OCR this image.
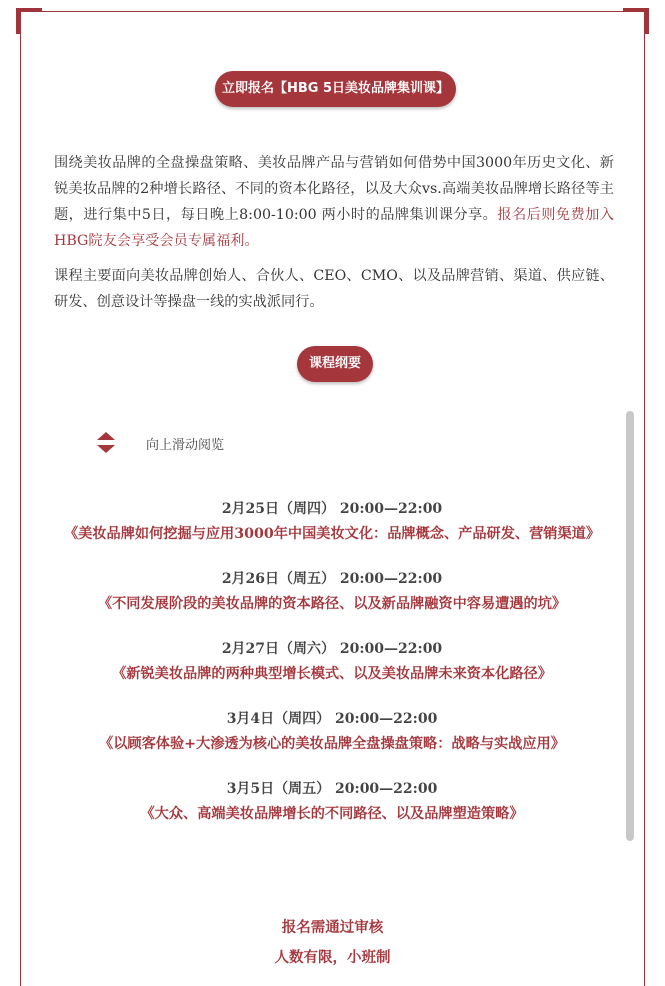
立即报名【HBG 5日美妆品牌集训课】
围绕美妆品牌的全盘操盘策略、美妆品牌产品与营销如何借势中国3000年历史文化、新锐美妆品牌的2种增长路径、不同的资本化路径，以及大众vs.高端美妆品牌增长路径等主题，进行集中5日，每日晚上8:00-10:00 两小时的品牌集训课分享。报名后则免费加入HBG院友会享受会员专属福利。
课程主要面向美妆品牌创始人、合伙人、CEO、CMO、以及品牌营销、渠道、供应链、研发、创意设计等操盘一线的实战派同行。
课程纲要
向上滑动阅览
2月25日（周四） 20:00—22:00
《美妆品牌如何挖掘与应用3000年中国美妆文化：品牌概念、产品研发、营销渠道》
2月26日（周五） 20:00—22:00
《不同发展阶段的美妆品牌的资本路径、以及新品牌融资中容易遭遇的坑》
2月27日（周六） 20:00—22:00
《新锐美妆品牌的两种典型增长模式、以及美妆品牌未来资本化路径》
3月4日（周四） 20:00—22:00
《以顾客体验+大渗透为核心的美妆品牌全盘操盘策略：战略与实战应用》
3月5日（周五） 20:00—22:00
《大众、高端美妆品牌增长的不同路径、以及品牌塑造策略》
报名需通过审核
人数有限，小班制
